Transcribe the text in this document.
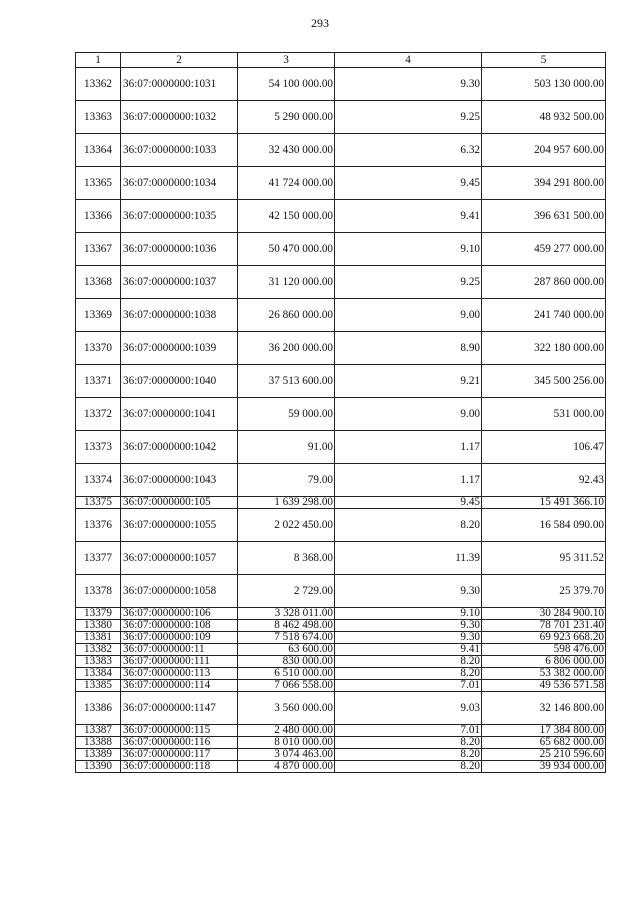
293
1	2	3	4	5
13362	36:07:0000000:1031	54 100 000.00	9.30	503 130 000.00
13363	36:07:0000000:1032	5 290 000.00	9.25	48 932 500.00
13364	36:07:0000000:1033	32 430 000.00	6.32	204 957 600.00
13365	36:07:0000000:1034	41 724 000.00	9.45	394 291 800.00
13366	36:07:0000000:1035	42 150 000.00	9.41	396 631 500.00
13367	36:07:0000000:1036	50 470 000.00	9.10	459 277 000.00
13368	36:07:0000000:1037	31 120 000.00	9.25	287 860 000.00
13369	36:07:0000000:1038	26 860 000.00	9.00	241 740 000.00
13370	36:07:0000000:1039	36 200 000.00	8.90	322 180 000.00
13371	36:07:0000000:1040	37 513 600.00	9.21	345 500 256.00
13372	36:07:0000000:1041	59 000.00	9.00	531 000.00
13373	36:07:0000000:1042	91.00	1.17	106.47
13374	36:07:0000000:1043	79.00	1.17	92.43
13375	36:07:0000000:105	1 639 298.00	9.45	15 491 366.10
13376	36:07:0000000:1055	2 022 450.00	8.20	16 584 090.00
13377	36:07:0000000:1057	8 368.00	11.39	95 311.52
13378	36:07:0000000:1058	2 729.00	9.30	25 379.70
13379	36:07:0000000:106	3 328 011.00	9.10	30 284 900.10
13380	36:07:0000000:108	8 462 498.00	9.30	78 701 231.40
13381	36:07:0000000:109	7 518 674.00	9.30	69 923 668.20
13382	36:07:0000000:11	63 600.00	9.41	598 476.00
13383	36:07:0000000:111	830 000.00	8.20	6 806 000.00
13384	36:07:0000000:113	6 510 000.00	8.20	53 382 000.00
13385	36:07:0000000:114	7 066 558.00	7.01	49 536 571.58
13386	36:07:0000000:1147	3 560 000.00	9.03	32 146 800.00
13387	36:07:0000000:115	2 480 000.00	7.01	17 384 800.00
13388	36:07:0000000:116	8 010 000.00	8.20	65 682 000.00
13389	36:07:0000000:117	3 074 463.00	8.20	25 210 596.60
13390	36:07:0000000:118	4 870 000.00	8.20	39 934 000.00
